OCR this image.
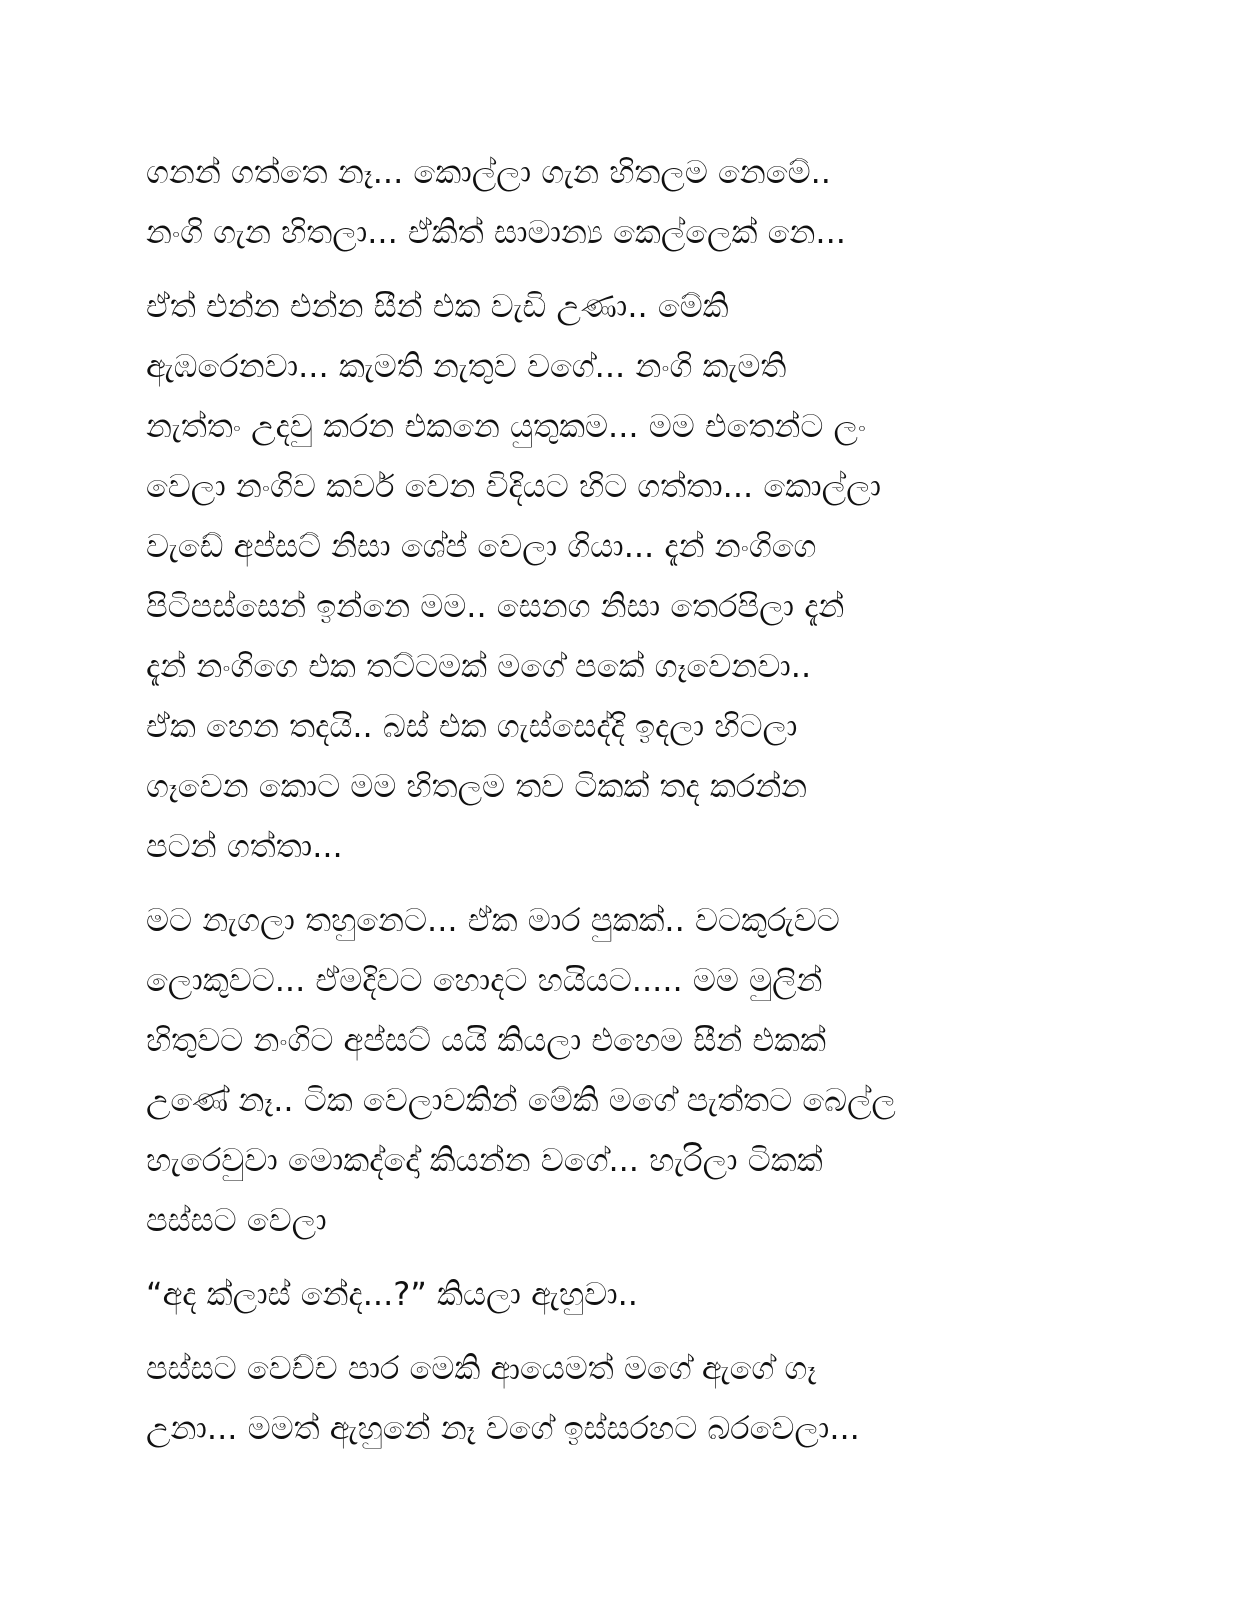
ගනන් ගත්තෙ නෑ... කොල්ලා ගැන හිතලම නෙමේ..
නංගි ගැන හිතලා... ඒකිත් සාමාන්‍ය කෙල්ලෙක් නෙ...
ඒත් එන්න එන්න සීන් එක වැඩි උණා.. මේකි
ඇඹරෙනවා... කැමති නැතුව වගේ... නංගි කැමති
නැත්තං උදවු කරන එකනෙ යුතුකම... මම එතෙන්ට ලං
වෙලා නංගිව කවර් වෙන විදියට හිට ගත්තා... කොල්ලා
වැඩේ අප්සට් නිසා ශේප් වෙලා ගියා... දැන් නංගිගෙ
පිටිපස්සෙන් ඉන්නෙ මම.. සෙනග නිසා තෙරපිලා දැන්
දැන් නංගිගෙ එක තට්ටමක් මගේ පකේ ගෑවෙනවා..
ඒක හෙන තදයි.. බස් එක ගැස්සෙද්දි ඉදලා හිටලා
ගෑවෙන කොට මම හිතලම තව ටිකක් තද කරන්න
පටන් ගත්තා...
මට නැගලා තහුනෙට... ඒක මාර පුකක්.. වටකුරුවට
ලොකුවට... ඒමදිවට හොදට හයියට..... මම මුලින්
හිතුවට නංගිට අප්සට් යයි කියලා එහෙම සීන් එකක්
උණේ නෑ.. ටික වෙලාවකින් මේකි මගේ පැත්තට බෙල්ල
හැරෙවුවා මොකද්දෝ කියන්න වගේ... හැරිලා ටිකක්
පස්සට වෙලා
“අද ක්ලාස් නේද...?” කියලා ඇහුවා..
පස්සට වෙච්ච පාර මෙකි ආයෙමත් මගේ ඇගේ ගෑ
උනා... මමත් ඇහුනේ නෑ වගේ ඉස්සරහට බරවෙලා...
